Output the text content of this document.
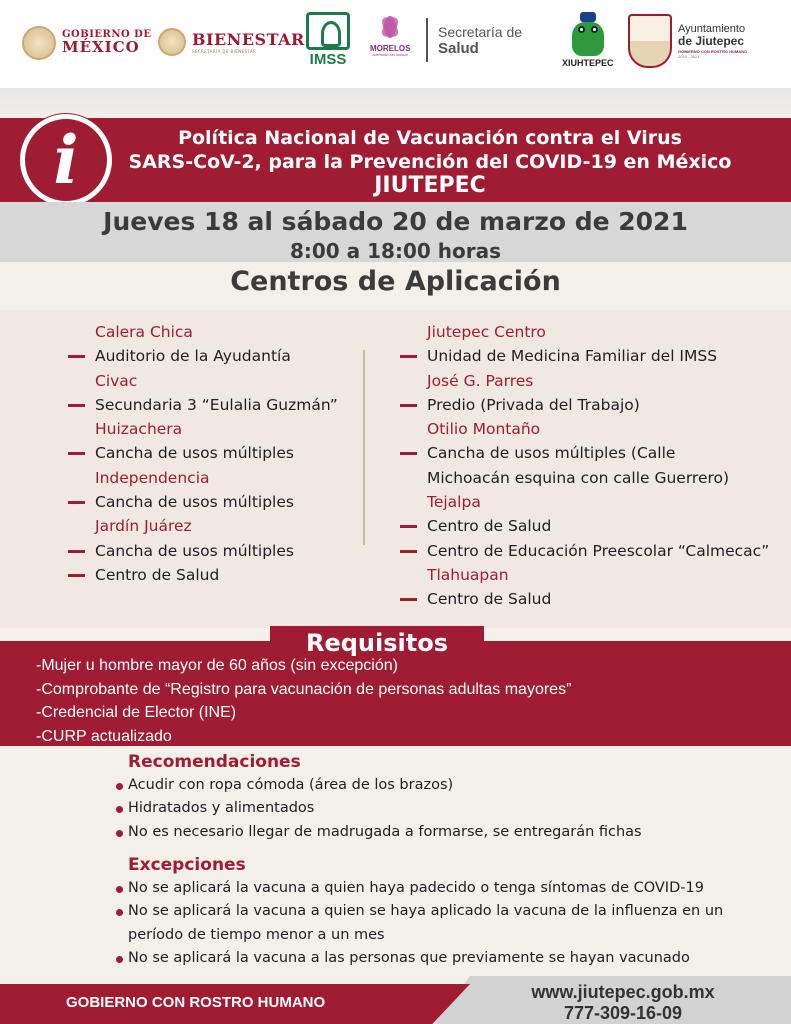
GOBIERNO DE
MÉXICO	BIENESTAR
SECRETARÍA DE BIENESTAR	IMSS
MORELOS
ANFITRIÓN DEL MUNDO
Secretaría de
Salud
XIUHTEPEC
Ayuntamiento
de Jiutepec
GOBIERNO CON ROSTRO HUMANO
2019 - 2021
i	Política Nacional de Vacunación contra el Virus
SARS-CoV-2, para la Prevención del COVID-19 en México
JIUTEPEC
Jueves 18 al sábado 20 de marzo de 2021
8:00 a 18:00 horas
Centros de Aplicación
Calera Chica
Auditorio de la Ayudantía
Civac
Secundaria 3 “Eulalia Guzmán”
Huizachera
Cancha de usos múltiples
Independencia
Cancha de usos múltiples
Jardín Juárez
Cancha de usos múltiples
Centro de Salud
Jiutepec Centro
Unidad de Medicina Familiar del IMSS
José G. Parres
Predio (Privada del Trabajo)
Otilio Montaño
Cancha de usos múltiples (Calle Michoacán esquina con calle Guerrero)
Tejalpa
Centro de Salud
Centro de Educación Preescolar “Calmecac”
Tlahuapan
Centro de Salud
Requisitos
-Mujer u hombre mayor de 60 años (sin excepción)
-Comprobante de “Registro para vacunación de personas adultas mayores”
-Credencial de Elector (INE)
-CURP actualizado
Recomendaciones
Acudir con ropa cómoda (área de los brazos)
Hidratados y alimentados
No es necesario llegar de madrugada a formarse, se entregarán fichas
Excepciones
No se aplicará la vacuna a quien haya padecido o tenga síntomas de COVID-19
No se aplicará la vacuna a quien se haya aplicado la vacuna de la influenza en un período de tiempo menor a un mes
No se aplicará la vacuna a las personas que previamente se hayan vacunado
GOBIERNO CON ROSTRO HUMANO
www.jiutepec.gob.mx
777-309-16-09
